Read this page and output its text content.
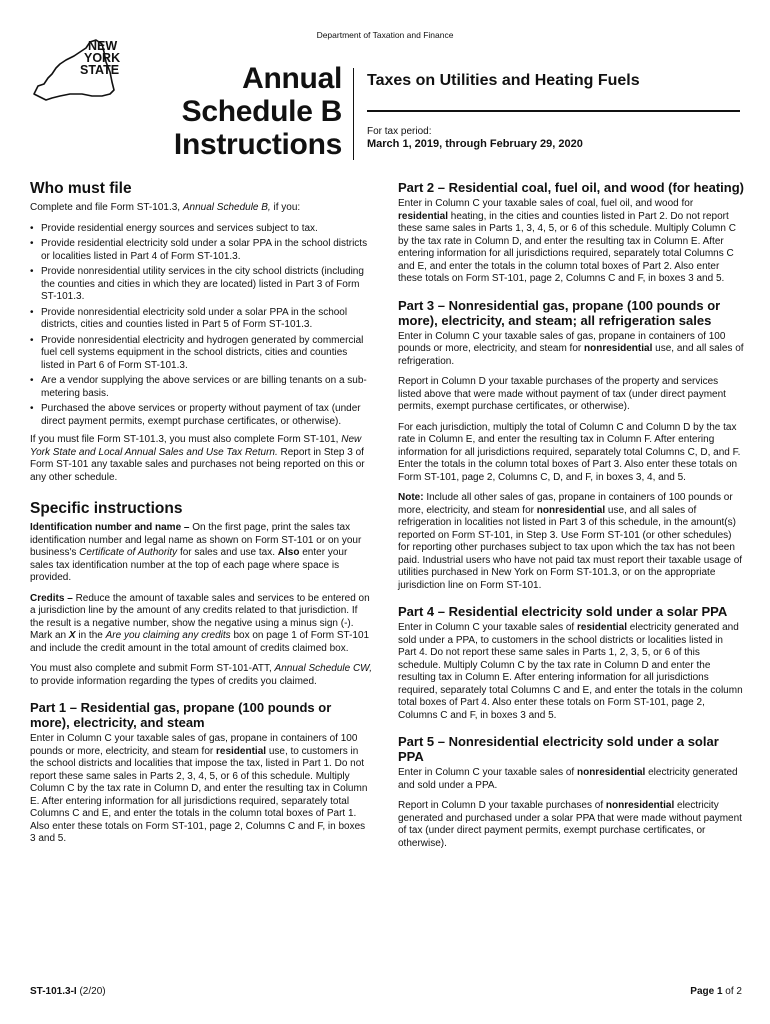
Department of Taxation and Finance
NEW
YORK
STATE	Annual
Schedule B
Instructions
Taxes on Utilities and Heating Fuels
For tax period:
March 1, 2019, through February 29, 2020
Who must file

Complete and file Form ST-101.3, Annual Schedule B, if you:

• Provide residential energy sources and services subject to tax.
• Provide residential electricity sold under a solar PPA in the school districts or localities listed in Part 4 of Form ST-101.3.
• Provide nonresidential utility services in the city school districts (including the counties and cities in which they are located) listed in Part 3 of Form ST-101.3.
• Provide nonresidential electricity sold under a solar PPA in the school districts, cities and counties listed in Part 5 of Form ST-101.3.
• Provide nonresidential electricity and hydrogen generated by commercial fuel cell systems equipment in the school districts, cities and counties listed in Part 6 of Form ST-101.3.
• Are a vendor supplying the above services or are billing tenants on a sub-metering basis.
• Purchased the above services or property without payment of tax (under direct payment permits, exempt purchase certificates, or otherwise).

If you must file Form ST-101.3, you must also complete Form ST-101, New York State and Local Annual Sales and Use Tax Return. Report in Step 3 of Form ST-101 any taxable sales and purchases not being reported on this or any other schedule.

Specific instructions

Identification number and name – On the first page, print the sales tax identification number and legal name as shown on Form ST-101 or on your business's Certificate of Authority for sales and use tax. Also enter your sales tax identification number at the top of each page where space is provided.

Credits – Reduce the amount of taxable sales and services to be entered on a jurisdiction line by the amount of any credits related to that jurisdiction. If the result is a negative number, show the negative using a minus sign (-). Mark an X in the Are you claiming any credits box on page 1 of Form ST-101 and include the credit amount in the total amount of credits claimed box.

You must also complete and submit Form ST-101-ATT, Annual Schedule CW, to provide information regarding the types of credits you claimed.

Part 1 – Residential gas, propane (100 pounds or more), electricity, and steam

Enter in Column C your taxable sales of gas, propane in containers of 100 pounds or more, electricity, and steam for residential use, to customers in the school districts and localities that impose the tax, listed in Part 1. Do not report these same sales in Parts 2, 3, 4, 5, or 6 of this schedule. Multiply Column C by the tax rate in Column D, and enter the resulting tax in Column E. After entering information for all jurisdictions required, separately total Columns C and E, and enter the totals in the column total boxes of Part 1. Also enter these totals on Form ST-101, page 2, Columns C and F, in boxes 3 and 5.

Part 2 – Residential coal, fuel oil, and wood (for heating)

Enter in Column C your taxable sales of coal, fuel oil, and wood for residential heating, in the cities and counties listed in Part 2. Do not report these same sales in Parts 1, 3, 4, 5, or 6 of this schedule. Multiply Column C by the tax rate in Column D, and enter the resulting tax in Column E. After entering information for all jurisdictions required, separately total Columns C and E, and enter the totals in the column total boxes of Part 2. Also enter these totals on Form ST-101, page 2, Columns C and F, in boxes 3 and 5.

Part 3 – Nonresidential gas, propane (100 pounds or more), electricity, and steam; all refrigeration sales

Enter in Column C your taxable sales of gas, propane in containers of 100 pounds or more, electricity, and steam for nonresidential use, and all sales of refrigeration.

Report in Column D your taxable purchases of the property and services listed above that were made without payment of tax (under direct payment permits, exempt purchase certificates, or otherwise).

For each jurisdiction, multiply the total of Column C and Column D by the tax rate in Column E, and enter the resulting tax in Column F. After entering information for all jurisdictions required, separately total Columns C, D, and F. Enter the totals in the column total boxes of Part 3. Also enter these totals on Form ST-101, page 2, Columns C, D, and F, in boxes 3, 4, and 5.

Note: Include all other sales of gas, propane in containers of 100 pounds or more, electricity, and steam for nonresidential use, and all sales of refrigeration in localities not listed in Part 3 of this schedule, in the amount(s) reported on Form ST-101, in Step 3. Use Form ST-101 (or other schedules) for reporting other purchases subject to tax upon which the tax has not been paid. Industrial users who have not paid tax must report their taxable usage of utilities purchased in New York on Form ST-101.3, or on the appropriate jurisdiction line on Form ST-101.

Part 4 – Residential electricity sold under a solar PPA

Enter in Column C your taxable sales of residential electricity generated and sold under a PPA, to customers in the school districts or localities listed in Part 4. Do not report these same sales in Parts 1, 2, 3, 5, or 6 of this schedule. Multiply Column C by the tax rate in Column D and enter the resulting tax in Column E. After entering information for all jurisdictions required, separately total Columns C and E, and enter the totals in the column total boxes of Part 4. Also enter these totals on Form ST-101, page 2, Columns C and F, in boxes 3 and 5.

Part 5 – Nonresidential electricity sold under a solar PPA

Enter in Column C your taxable sales of nonresidential electricity generated and sold under a PPA.

Report in Column D your taxable purchases of nonresidential electricity generated and purchased under a solar PPA that were made without payment of tax (under direct payment permits, exempt purchase certificates, or otherwise).

ST-101.3-I (2/20)	Page 1 of 2
